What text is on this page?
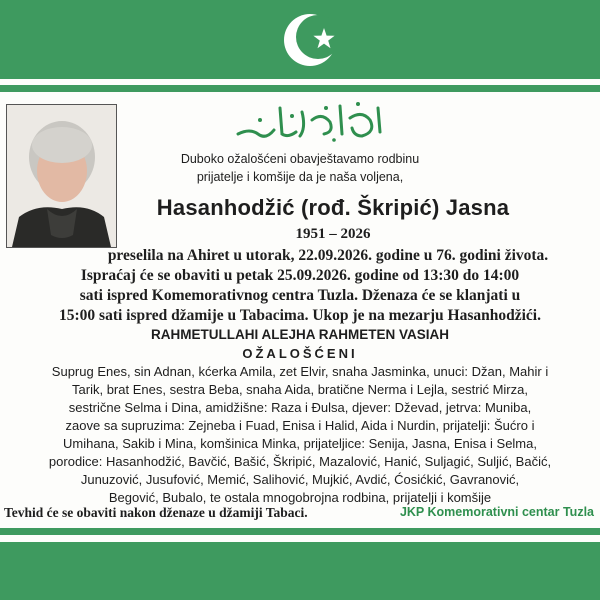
Duboko ožalošćeni obavještavamo rodbinu
prijatelje i komšije da je naša voljena,
Hasanhodžić (rođ. Škripić) Jasna
1951 – 2026
preselila na Ahiret u utorak, 22.09.2026. godine u 76. godini života.
Ispraćaj će se obaviti u petak 25.09.2026. godine od 13:30 do 14:00
sati ispred Komemorativnog centra Tuzla. Dženaza će se klanjati u
15:00 sati ispred džamije u Tabacima. Ukop je na mezarju Hasanhodžići.
RAHMETULLAHI ALEJHA RAHMETEN VASIAH
OŽALOŠĆENI
Suprug Enes, sin Adnan, kćerka Amila, zet Elvir, snaha Jasminka, unuci: Džan, Mahir i
Tarik, brat Enes, sestra Beba, snaha Aida, bratične Nerma i Lejla, sestrić Mirza,
sestrične Selma i Dina, amidžišne: Raza i Đulsa, djever: Dževad, jetrva: Muniba,
zaove sa supruzima: Zejneba i Fuad, Enisa i Halid, Aida i Nurdin, prijatelji: Šućro i
Umihana, Sakib i Mina, komšinica Minka, prijateljice: Senija, Jasna, Enisa i Selma,
porodice: Hasanhodžić, Bavčić, Bašić, Škripić, Mazalović, Hanić, Suljagić, Suljić, Bačić,
Junuzović, Jusufović, Memić, Salihović, Mujkić, Avdić, Ćosićkić, Gavranović,
Begović, Bubalo, te ostala mnogobrojna rodbina, prijatelji i komšije
Tevhid će se obaviti nakon dženaze u džamiji Tabaci.	JKP Komemorativni centar Tuzla
